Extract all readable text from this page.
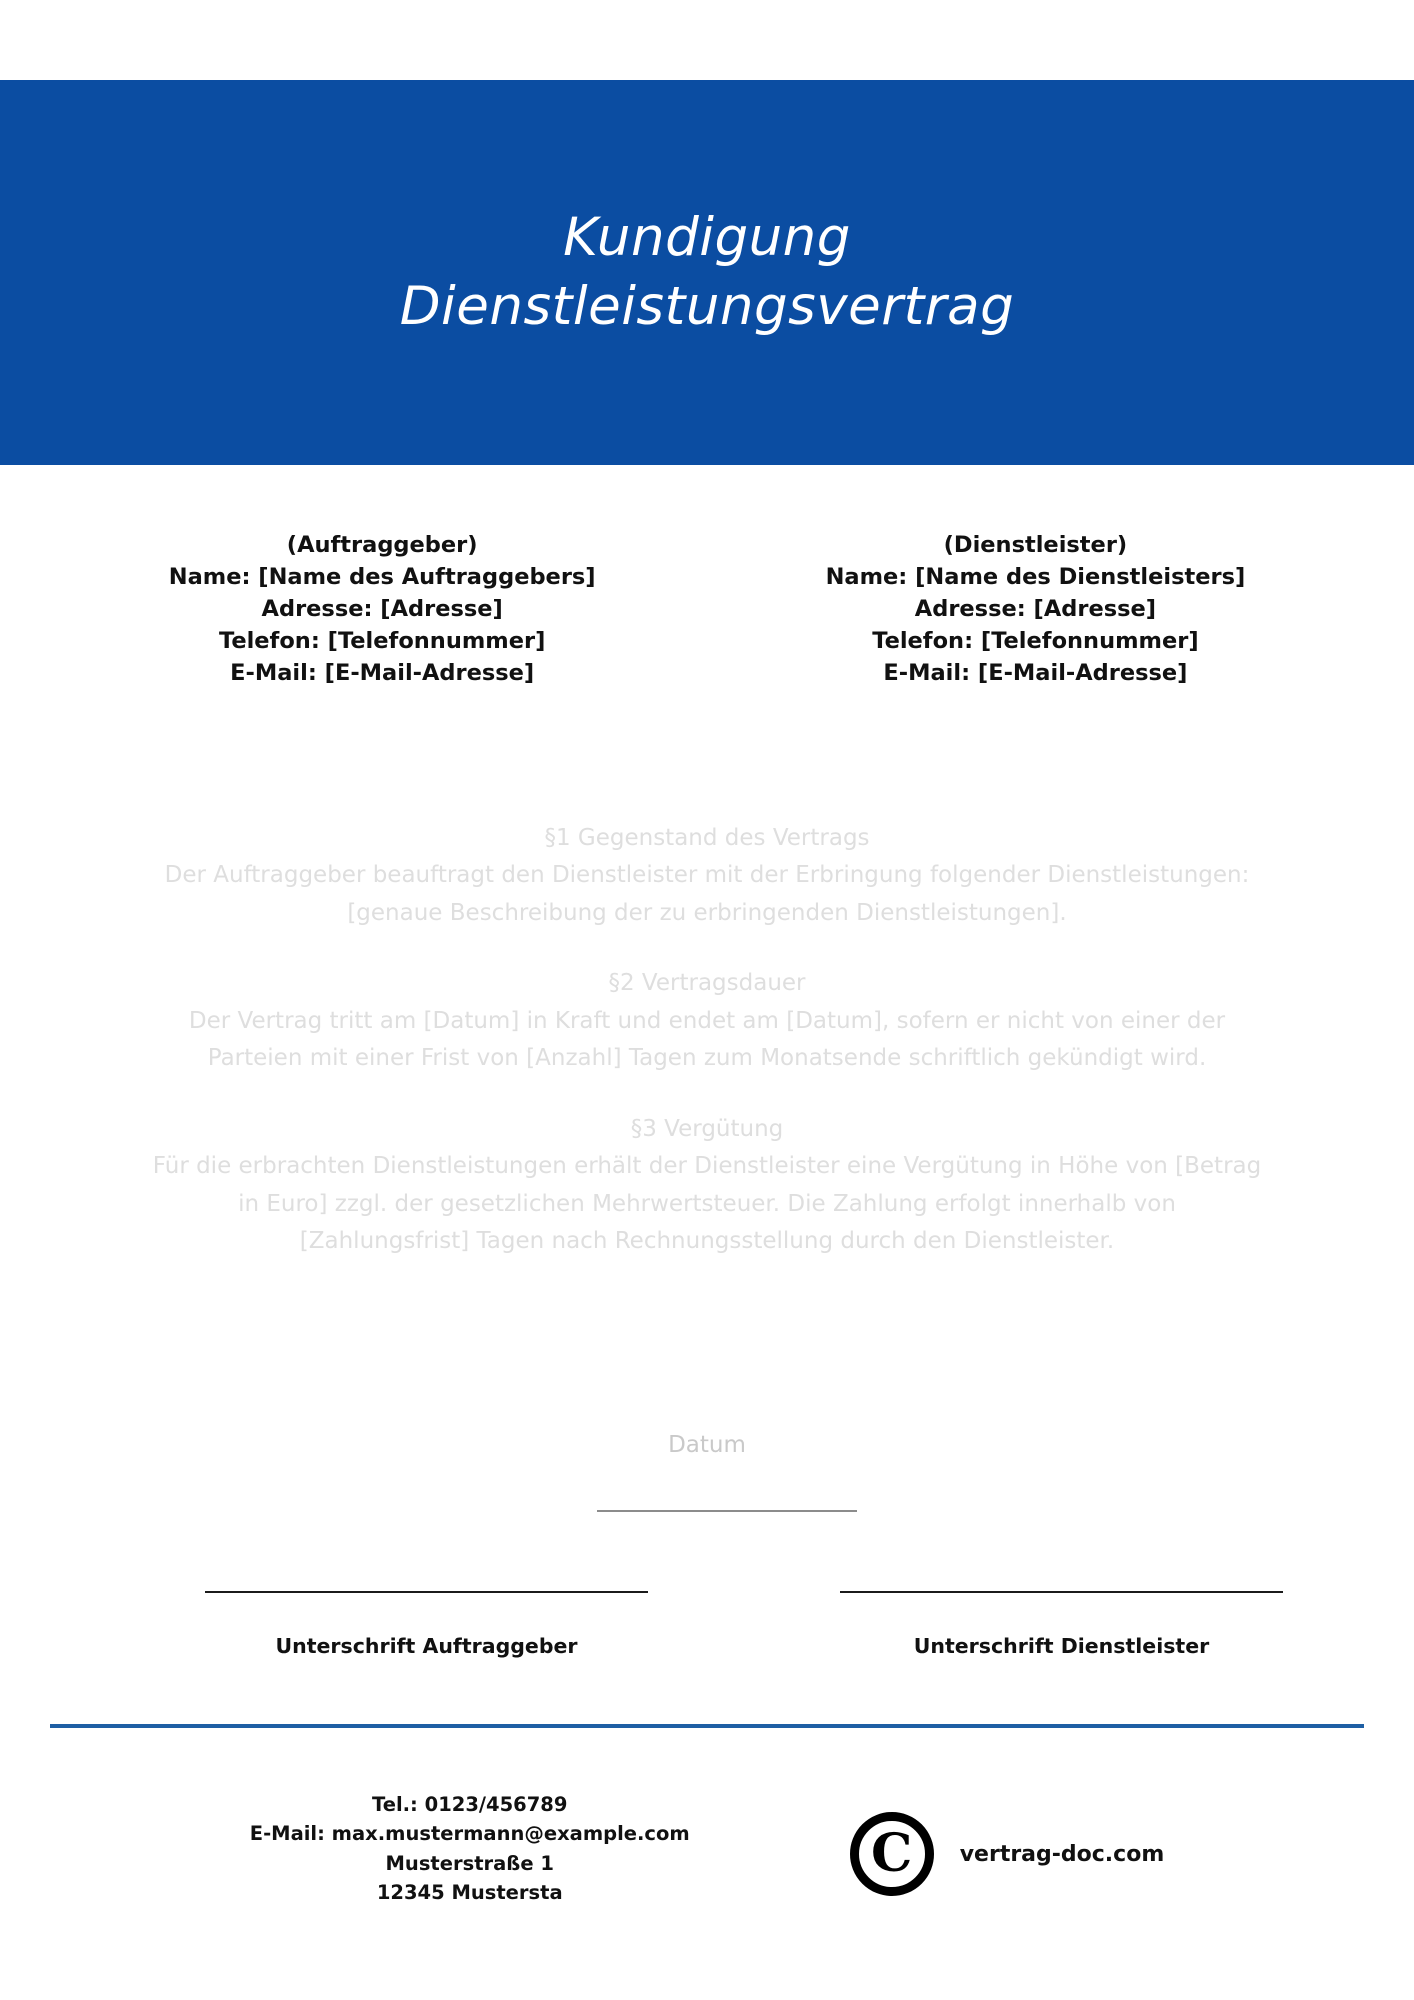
Kundigung
Dienstleistungsvertrag
(Auftraggeber)
Name: [Name des Auftraggebers]
Adresse: [Adresse]
Telefon: [Telefonnummer]
E-Mail: [E-Mail-Adresse]
(Dienstleister)
Name: [Name des Dienstleisters]
Adresse: [Adresse]
Telefon: [Telefonnummer]
E-Mail: [E-Mail-Adresse]
§1 Gegenstand des Vertrags
Der Auftraggeber beauftragt den Dienstleister mit der Erbringung folgender Dienstleistungen: [genaue Beschreibung der zu erbringenden Dienstleistungen].
§2 Vertragsdauer
Der Vertrag tritt am [Datum] in Kraft und endet am [Datum], sofern er nicht von einer der Parteien mit einer Frist von [Anzahl] Tagen zum Monatsende schriftlich gekündigt wird.
§3 Vergütung
Für die erbrachten Dienstleistungen erhält der Dienstleister eine Vergütung in Höhe von [Betrag in Euro] zzgl. der gesetzlichen Mehrwertsteuer. Die Zahlung erfolgt innerhalb von [Zahlungsfrist] Tagen nach Rechnungsstellung durch den Dienstleister.
Datum
Unterschrift Auftraggeber	Unterschrift Dienstleister
Tel.: 0123/456789
E-Mail: max.mustermann@example.com
Musterstraße 1
12345 Mustersta
C	vertrag-doc.com
